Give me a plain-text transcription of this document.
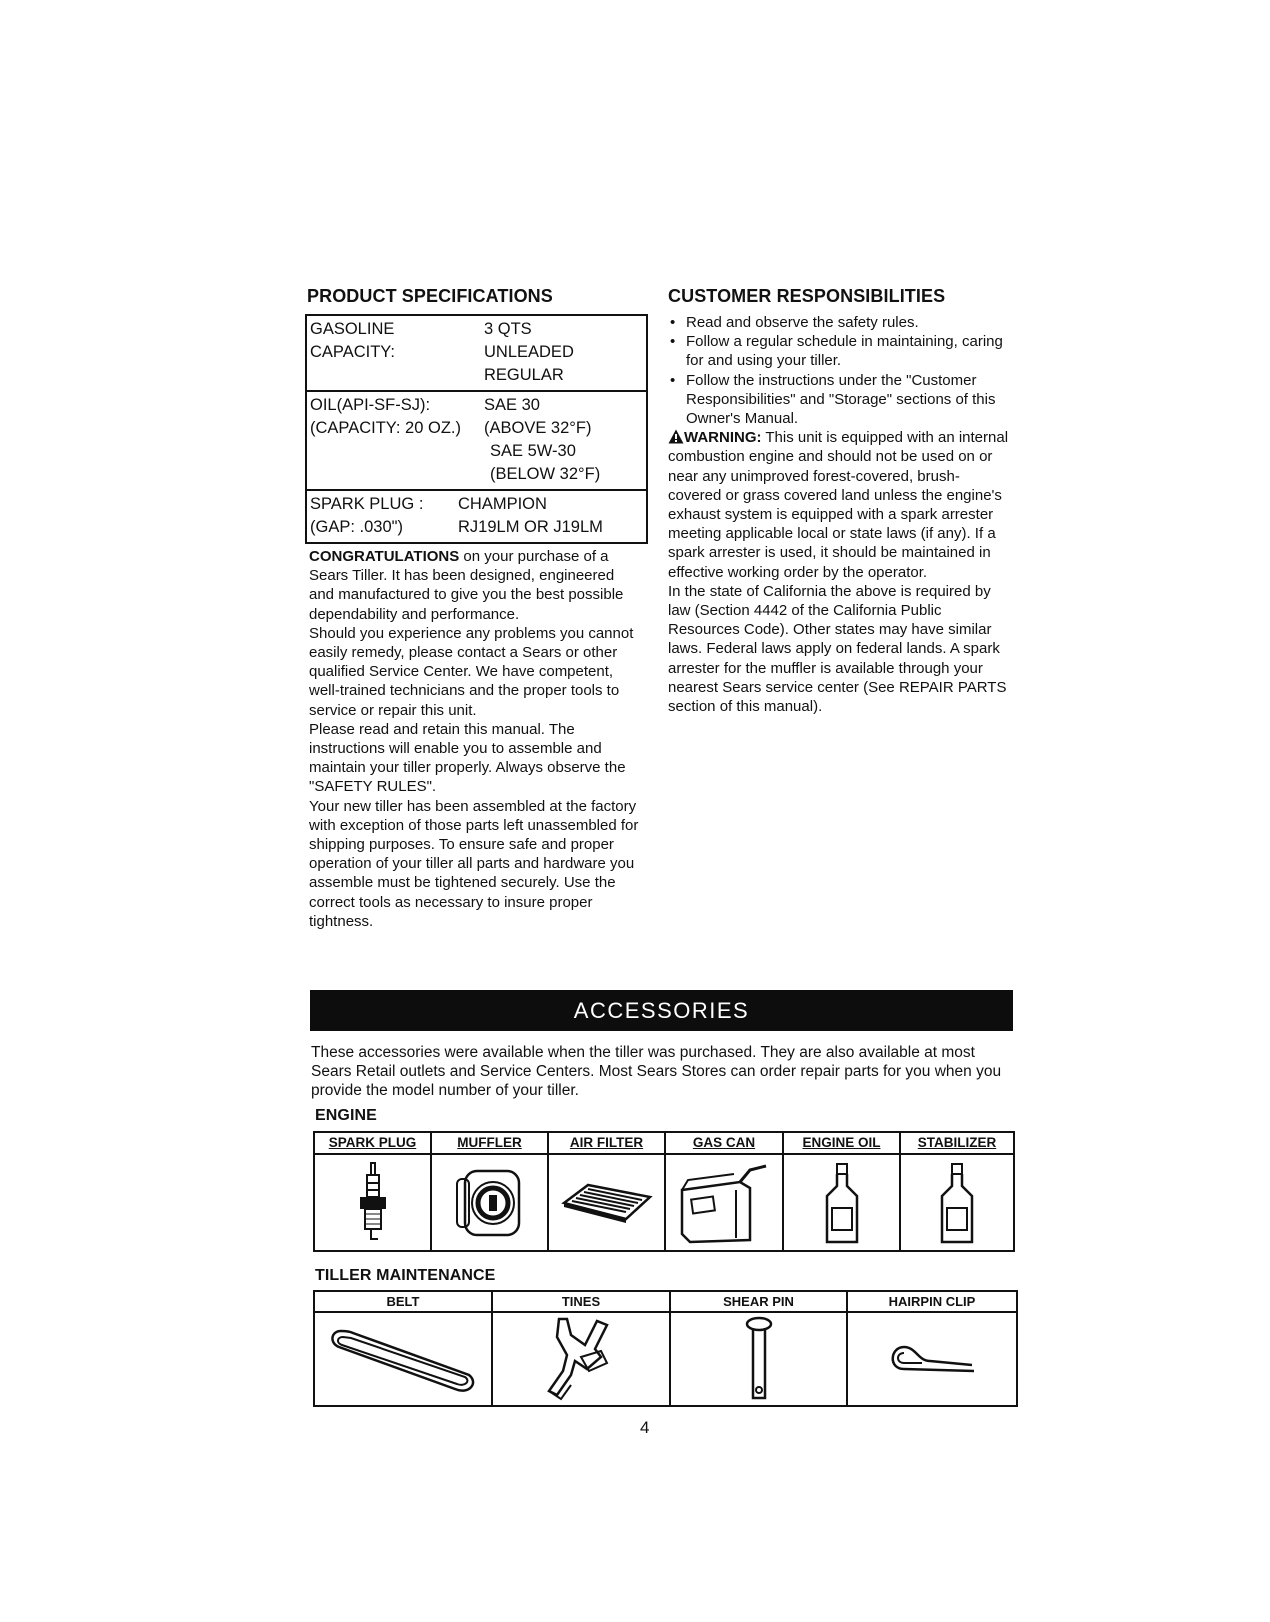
PRODUCT SPECIFICATIONS
GASOLINE	3 QTS
CAPACITY:	UNLEADED
REGULAR
OIL(API-SF-SJ):	SAE 30
(CAPACITY: 20 OZ.)	(ABOVE 32°F)
SAE 5W-30
(BELOW 32°F)
SPARK PLUG :	CHAMPION
(GAP: .030")	RJ19LM OR J19LM

CONGRATULATIONS on your purchase of a Sears Tiller. It has been designed, engineered and manufactured to give you the best possible dependability and performance.

Should you experience any problems you cannot easily remedy, please contact a Sears or other qualified Service Center. We have competent, well-trained technicians and the proper tools to service or repair this unit.

Please read and retain this manual. The instructions will enable you to assemble and maintain your tiller properly. Always observe the "SAFETY RULES".

Your new tiller has been assembled at the factory with exception of those parts left unassembled for shipping purposes. To ensure safe and proper operation of your tiller all parts and hardware you assemble must be tightened securely. Use the correct tools as necessary to insure proper tightness.

CUSTOMER RESPONSIBILITIES
• Read and observe the safety rules.
• Follow a regular schedule in maintaining, caring for and using your tiller.
• Follow the instructions under the "Customer Responsibilities" and "Storage" sections of this Owner's Manual.

WARNING: This unit is equipped with an internal combustion engine and should not be used on or near any unimproved forest-covered, brush-covered or grass covered land unless the engine's exhaust system is equipped with a spark arrester meeting applicable local or state laws (if any). If a spark arrester is used, it should be maintained in effective working order by the operator.

In the state of California the above is required by law (Section 4442 of the California Public Resources Code). Other states may have similar laws. Federal laws apply on federal lands. A spark arrester for the muffler is available through your nearest Sears service center (See REPAIR PARTS section of this manual).

ACCESSORIES
These accessories were available when the tiller was purchased. They are also available at most Sears Retail outlets and Service Centers. Most Sears Stores can order repair parts for you when you provide the model number of your tiller.
ENGINE
SPARK PLUG	MUFFLER	AIR FILTER	GAS CAN	ENGINE OIL	STABILIZER
TILLER MAINTENANCE
BELT	TINES	SHEAR PIN	HAIRPIN CLIP
4
